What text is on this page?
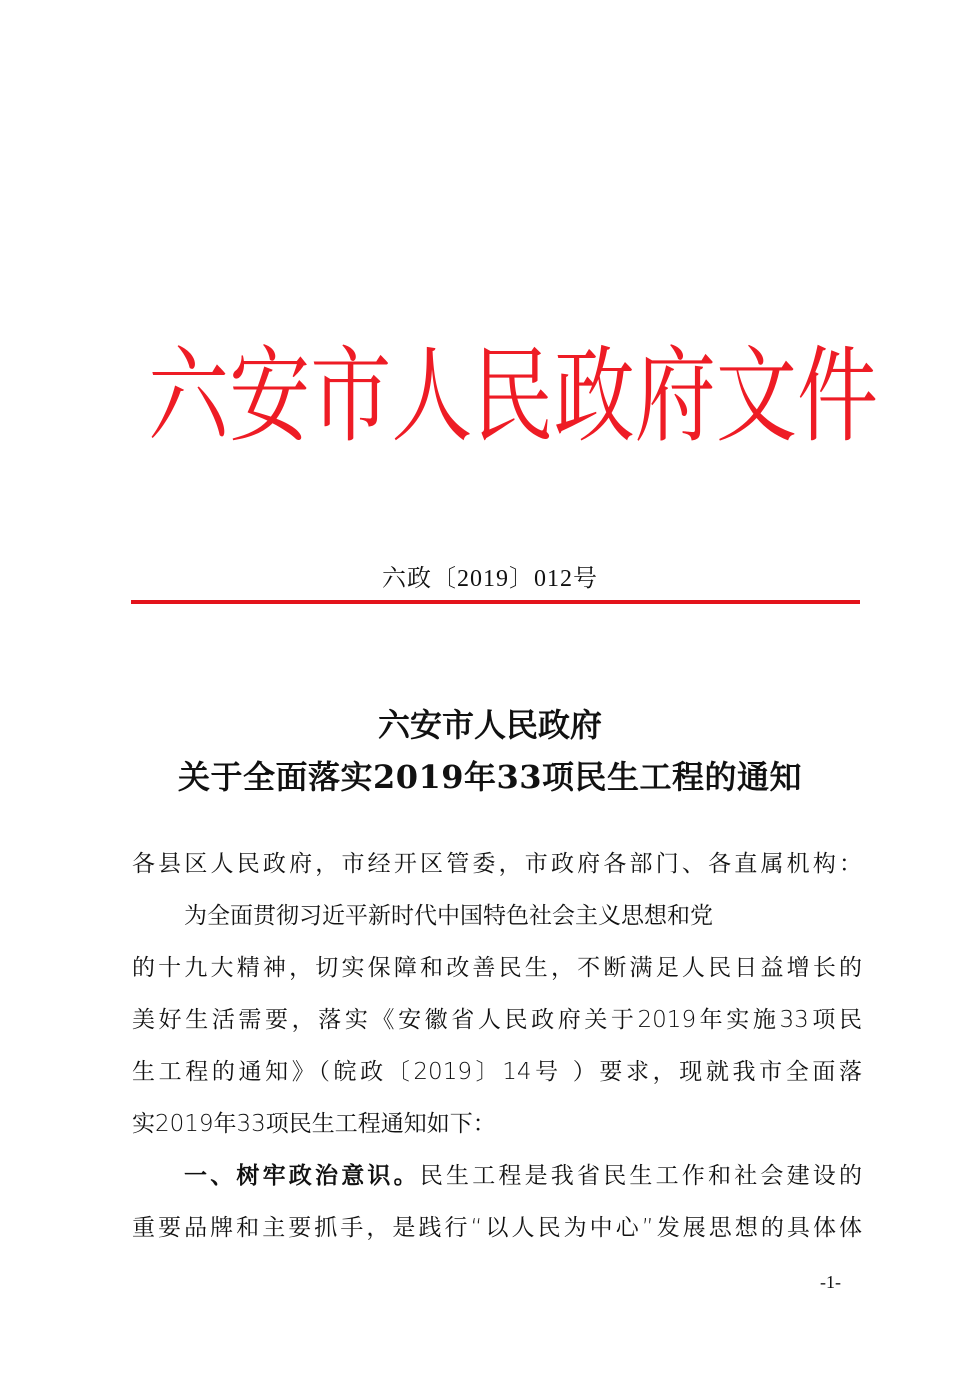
六 安 市 人 民 政 府 文 件
六政〔2019〕012号
六安市人民政府
关于全面落实2019年33项民生工程的通知
各县区人民政府，市经开区管委，市政府各部门、各直属机构：
为全面贯彻习近平新时代中国特色社会主义思想和党
的十九大精神，切实保障和改善民生，不断满足人民日益增长的
美好生活需要，落实《安徽省人民政府关于2019年实施33项民
生工程的通知》（皖政〔2019〕14号 ）要求，现就我市全面落
实2019年33项民生工程通知如下：
一、树牢政治意识。民生工程是我省民生工作和社会建设的
重要品牌和主要抓手，是践行“以人民为中心”发展思想的具体体
-1-
